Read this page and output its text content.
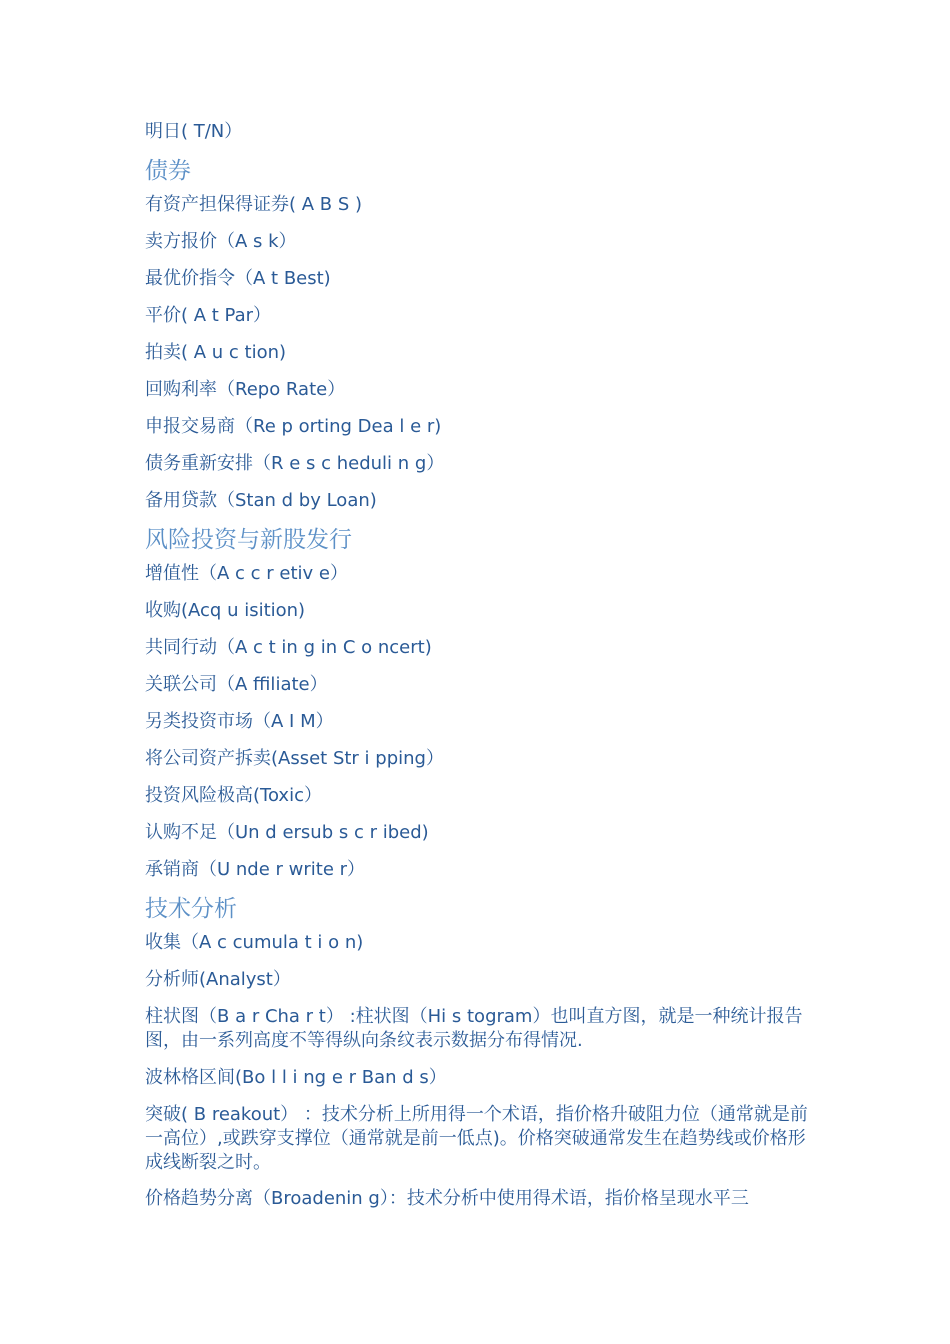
明日( T/N）
债券
有资产担保得证券( A B S )
卖方报价（A s k）
最优价指令（A t Best)
平价( A t Par）
拍卖( A u c tion)
回购利率（Repo Rate）
申报交易商（Re p orting Dea l e r)
债务重新安排（R e s c heduli n g）
备用贷款（Stan d by Loan)
风险投资与新股发行
增值性（A c c r etiv e）
收购(Acq u isition)
共同行动（A c t in g in C o ncert)
关联公司（A ffiliate）
另类投资市场（A I M）
将公司资产拆卖(Asset Str i pping）
投资风险极高(Toxic）
认购不足（Un d ersub s c r ibed)
承销商（U nde r write r）
技术分析
收集（A c cumula t i o n)
分析师(Analyst）
柱状图（B a r Cha r t） :柱状图（Hi s togram）也叫直方图，就是一种统计报告图，由一系列高度不等得纵向条纹表示数据分布得情况.
波林格区间(Bo l l i ng e r Ban d s）
突破( B reakout） ：技术分析上所用得一个术语，指价格升破阻力位（通常就是前一高位）,或跌穿支撑位（通常就是前一低点)。价格突破通常发生在趋势线或价格形成线断裂之时。
价格趋势分离（Broadenin g）：技术分析中使用得术语，指价格呈现水平三
